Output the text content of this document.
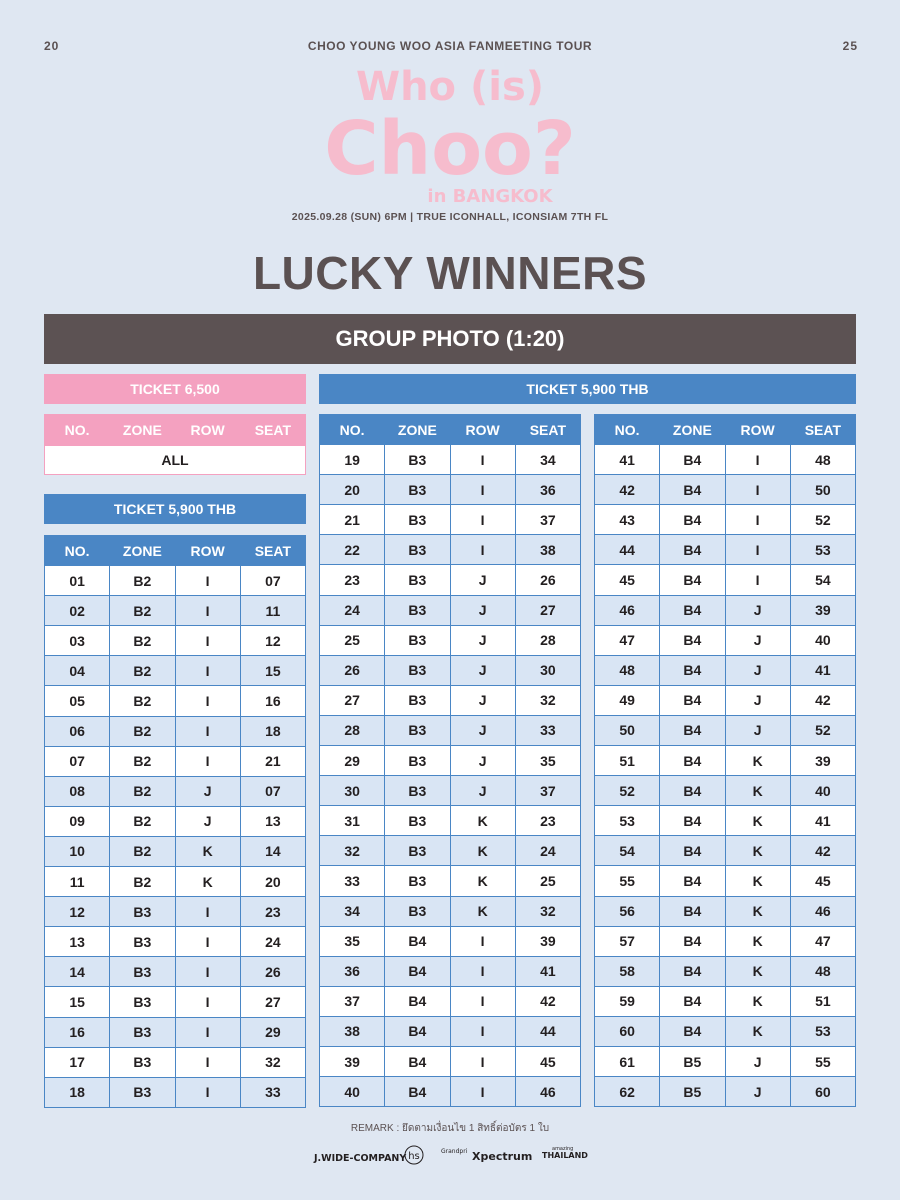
20	25
CHOO YOUNG WOO ASIA FANMEETING TOUR
Who (is)
Choo?
in BANGKOK
2025.09.28 (SUN) 6PM | TRUE ICONHALL, ICONSIAM 7TH FL
LUCKY WINNERS
GROUP PHOTO (1:20)
TICKET 6,500
NO.	ZONE	ROW	SEAT
ALL
TICKET 5,900 THB
NO.	ZONE	ROW	SEAT
01	B2	I	07
02	B2	I	11
03	B2	I	12
04	B2	I	15
05	B2	I	16
06	B2	I	18
07	B2	I	21
08	B2	J	07
09	B2	J	13
10	B2	K	14
11	B2	K	20
12	B3	I	23
13	B3	I	24
14	B3	I	26
15	B3	I	27
16	B3	I	29
17	B3	I	32
18	B3	I	33
TICKET 5,900 THB
NO.	ZONE	ROW	SEAT
19	B3	I	34
20	B3	I	36
21	B3	I	37
22	B3	I	38
23	B3	J	26
24	B3	J	27
25	B3	J	28
26	B3	J	30
27	B3	J	32
28	B3	J	33
29	B3	J	35
30	B3	J	37
31	B3	K	23
32	B3	K	24
33	B3	K	25
34	B3	K	32
35	B4	I	39
36	B4	I	41
37	B4	I	42
38	B4	I	44
39	B4	I	45
40	B4	I	46
NO.	ZONE	ROW	SEAT
41	B4	I	48
42	B4	I	50
43	B4	I	52
44	B4	I	53
45	B4	I	54
46	B4	J	39
47	B4	J	40
48	B4	J	41
49	B4	J	42
50	B4	J	52
51	B4	K	39
52	B4	K	40
53	B4	K	41
54	B4	K	42
55	B4	K	45
56	B4	K	46
57	B4	K	47
58	B4	K	48
59	B4	K	51
60	B4	K	53
61	B5	J	55
62	B5	J	60
REMARK : ยึดตามเงื่อนไข 1 สิทธิ์ต่อบัตร 1 ใบ
J.WIDE-COMPANY hs	Grandpri Xpectrum
amazing
THAILAND
